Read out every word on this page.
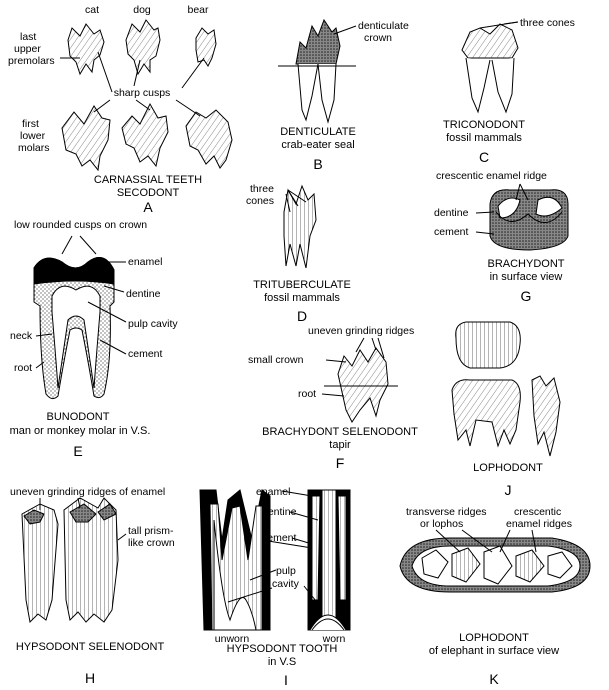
cat	dog	bear
last
upper
premolars
sharp cusps
first
lower
molars
CARNASSIAL TEETH
SECODONT
A
denticulate
crown
DENTICULATE
crab-eater seal
B
three cones
TRICONODONT
fossil mammals
C
three
cones
TRITUBERCULATE
fossil mammals
D
crescentic enamel ridge
dentine
cement
BRACHYDONT
in surface view
G
low rounded cusps on crown
enamel
dentine
pulp cavity
neck
cement
root
BUNODONT
man or monkey molar in V.S.
E
uneven grinding ridges
small crown
root
BRACHYDONT SELENODONT
tapir
F	LOPHODONT
J
uneven grinding ridges of enamel
tall prism-
like crown
HYPSODONT SELENODONT
H
enamel
dentine
cement
pulp
cavity
unworn	worn
HYPSODONT TOOTH
in V.S
I
transverse ridges
or lophos
crescentic
enamel ridges
LOPHODONT
of elephant in surface view
K
